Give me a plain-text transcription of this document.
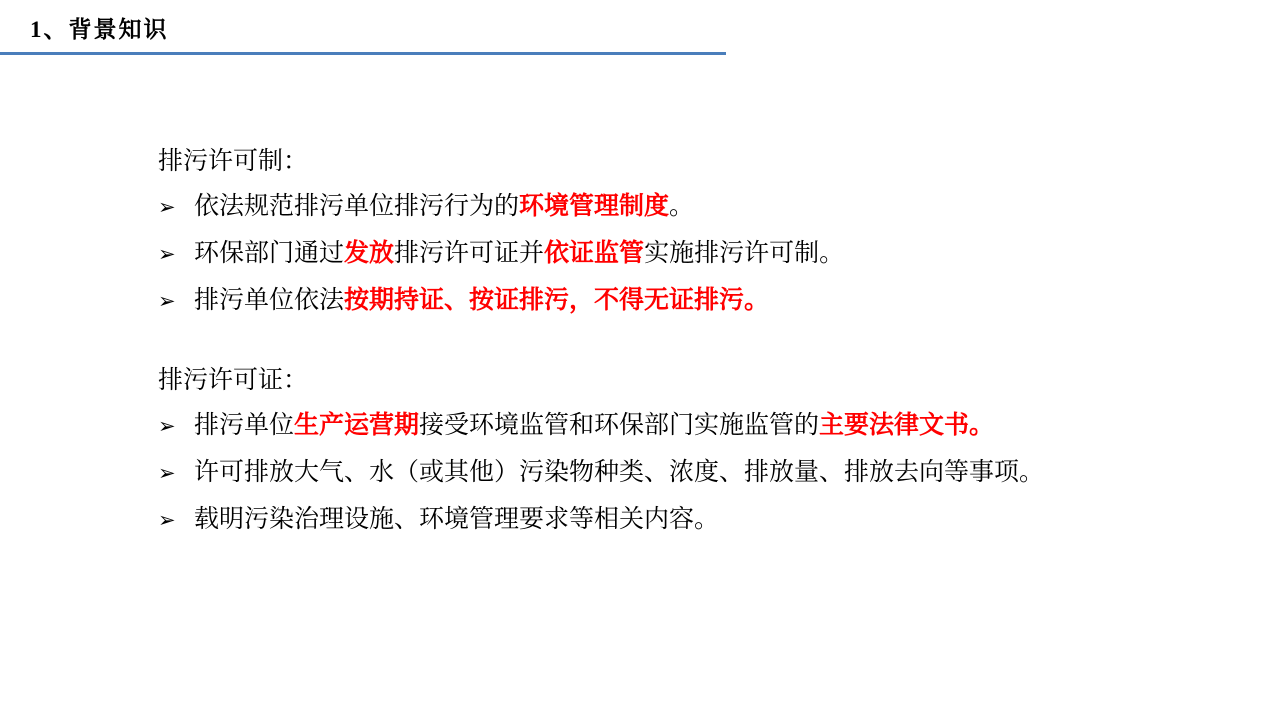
1、背景知识
排污许可制：
➢ 依法规范排污单位排污行为的环境管理制度。
➢ 环保部门通过发放排污许可证并依证监管实施排污许可制。
➢ 排污单位依法按期持证、按证排污，不得无证排污。
排污许可证：
➢ 排污单位生产运营期接受环境监管和环保部门实施监管的主要法律文书。
➢ 许可排放大气、水（或其他）污染物种类、浓度、排放量、排放去向等事项。
➢ 载明污染治理设施、环境管理要求等相关内容。
